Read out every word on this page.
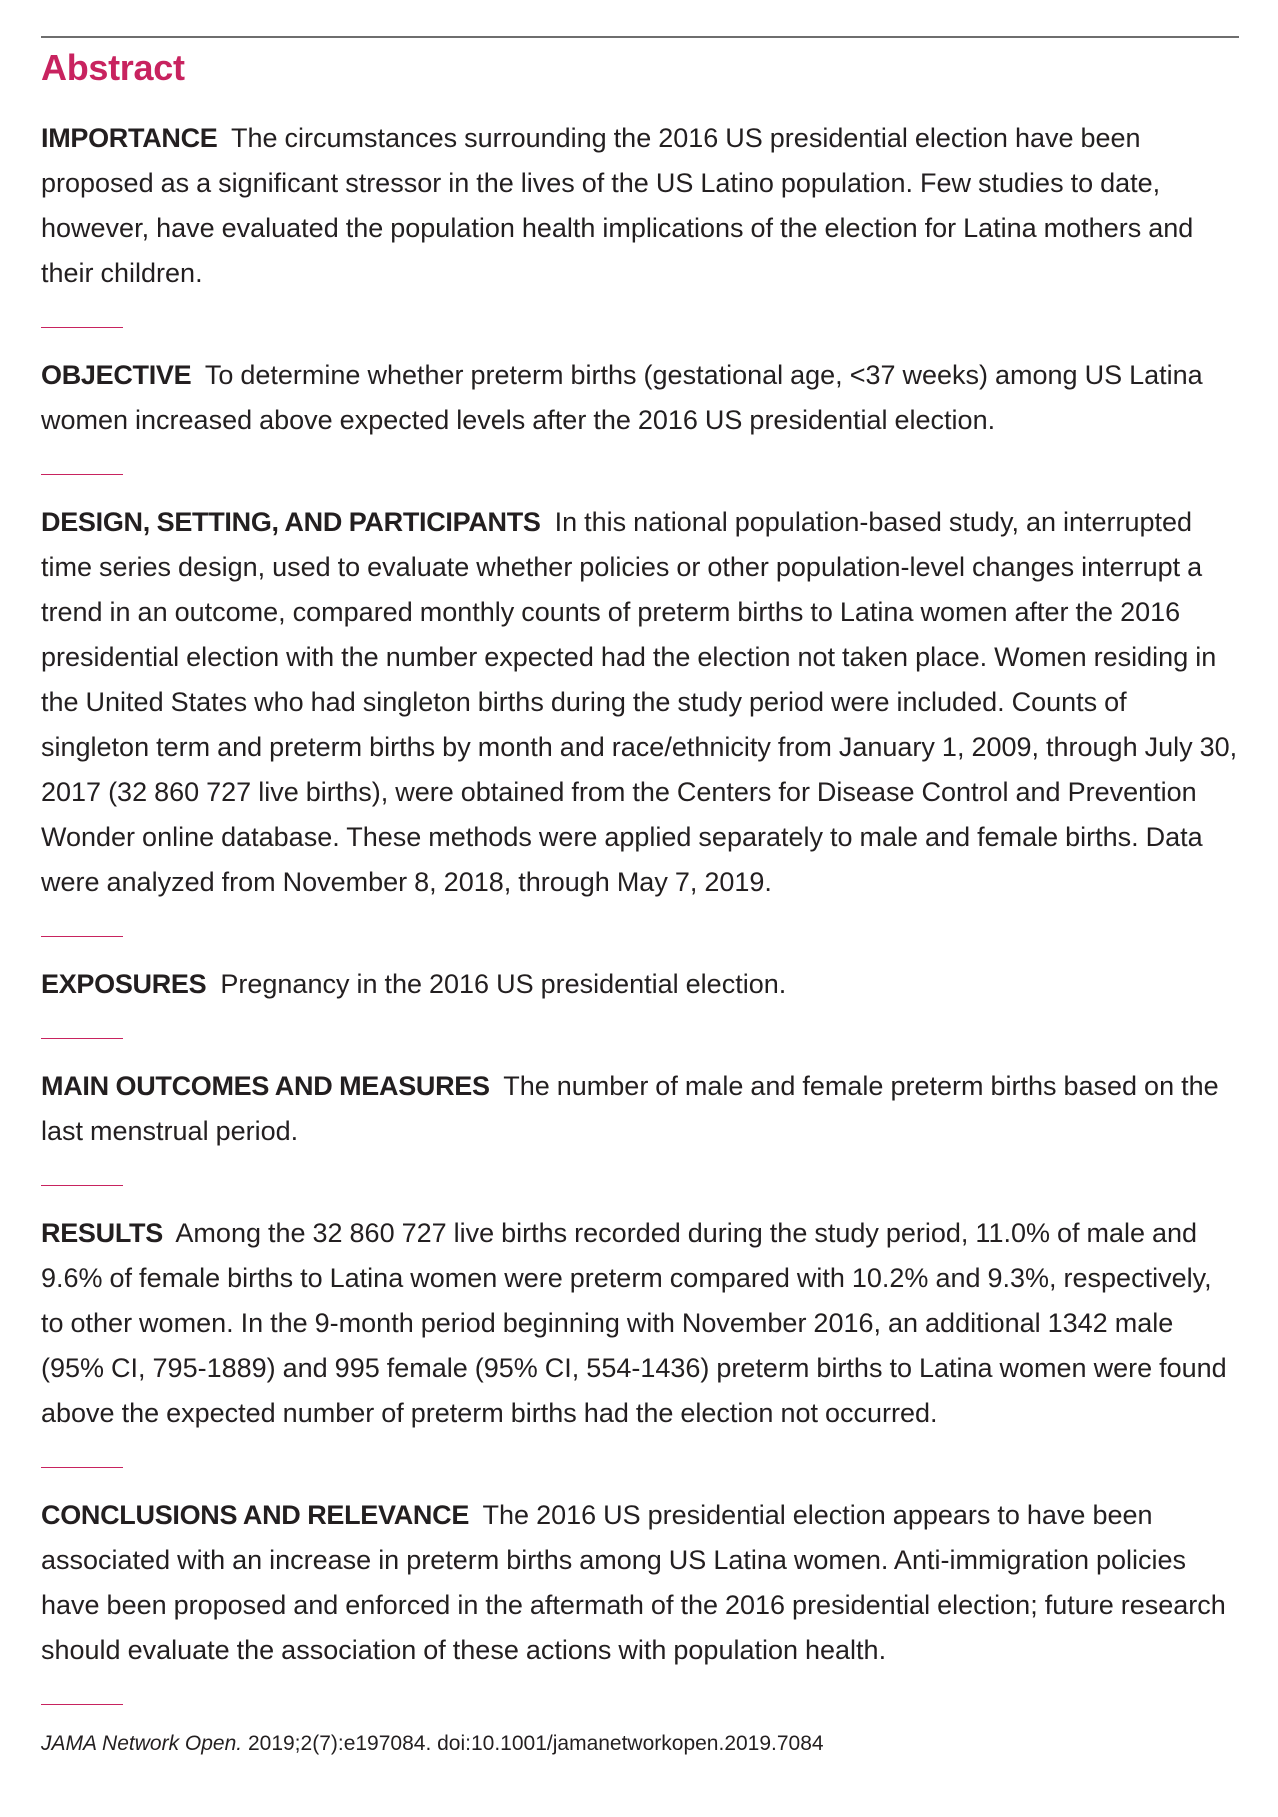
Abstract

IMPORTANCE The circumstances surrounding the 2016 US presidential election have been proposed as a significant stressor in the lives of the US Latino population. Few studies to date, however, have evaluated the population health implications of the election for Latina mothers and their children.

OBJECTIVE To determine whether preterm births (gestational age, <37 weeks) among US Latina women increased above expected levels after the 2016 US presidential election.

DESIGN, SETTING, AND PARTICIPANTS In this national population-based study, an interrupted time series design, used to evaluate whether policies or other population-level changes interrupt a trend in an outcome, compared monthly counts of preterm births to Latina women after the 2016 presidential election with the number expected had the election not taken place. Women residing in the United States who had singleton births during the study period were included. Counts of singleton term and preterm births by month and race/ethnicity from January 1, 2009, through July 30, 2017 (32 860 727 live births), were obtained from the Centers for Disease Control and Prevention Wonder online database. These methods were applied separately to male and female births. Data were analyzed from November 8, 2018, through May 7, 2019.

EXPOSURES Pregnancy in the 2016 US presidential election.

MAIN OUTCOMES AND MEASURES The number of male and female preterm births based on the last menstrual period.

RESULTS Among the 32 860 727 live births recorded during the study period, 11.0% of male and 9.6% of female births to Latina women were preterm compared with 10.2% and 9.3%, respectively, to other women. In the 9-month period beginning with November 2016, an additional 1342 male (95% CI, 795-1889) and 995 female (95% CI, 554-1436) preterm births to Latina women were found above the expected number of preterm births had the election not occurred.

CONCLUSIONS AND RELEVANCE The 2016 US presidential election appears to have been associated with an increase in preterm births among US Latina women. Anti-immigration policies have been proposed and enforced in the aftermath of the 2016 presidential election; future research should evaluate the association of these actions with population health.

JAMA Network Open. 2019;2(7):e197084. doi:10.1001/jamanetworkopen.2019.7084
